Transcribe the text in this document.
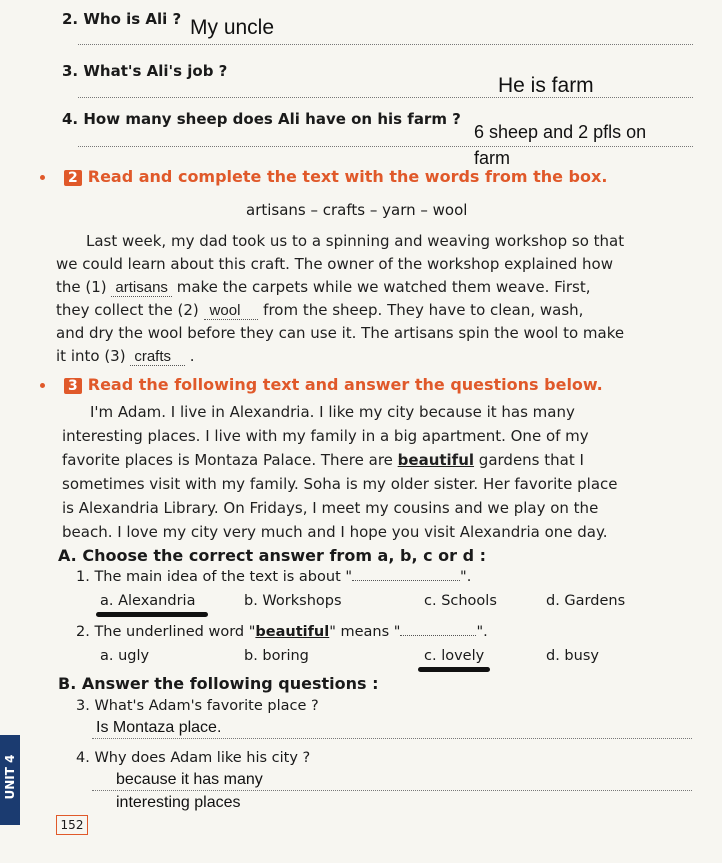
UNIT 4
2. Who is Ali ? My uncle
3. What's Ali's job ?
He is farm
4. How many sheep does Ali have on his farm ?
6 sheep and 2 pfls on
farm
2 Read and complete the text with the words from the box.
artisans – crafts – yarn – wool
Last week, my dad took us to a spinning and weaving workshop so that
we could learn about this craft. The owner of the workshop explained how
the (1) artisans make the carpets while we watched them weave. First,
they collect the (2) wool from the sheep. They have to clean, wash,
and dry the wool before they can use it. The artisans spin the wool to make
it into (3) crafts .
3 Read the following text and answer the questions below.
I'm Adam. I live in Alexandria. I like my city because it has many
interesting places. I live with my family in a big apartment. One of my
favorite places is Montaza Palace. There are beautiful gardens that I
sometimes visit with my family. Soha is my older sister. Her favorite place
is Alexandria Library. On Fridays, I meet my cousins and we play on the
beach. I love my city very much and I hope you visit Alexandria one day.
A. Choose the correct answer from a, b, c or d :
1. The main idea of the text is about "	".
a. Alexandria	b. Workshops	c. Schools	d. Gardens
2. The underlined word "beautiful" means "	".
a. ugly	b. boring	c. lovely	d. busy
B. Answer the following questions :
3. What's Adam's favorite place ?
Is Montaza place.
4. Why does Adam like his city ?
because it has many
interesting places
152
